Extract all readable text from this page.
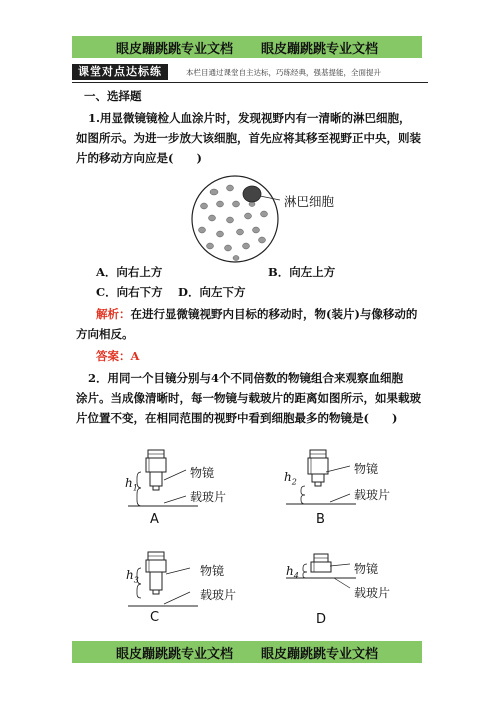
眼皮蹦跳跳专业文档 眼皮蹦跳跳专业文档
课堂对点达标练	本栏目通过课堂自主达标，巧练经典，强基提能，全面提升
一、选择题
1.用显微镜镜检人血涂片时，发现视野内有一清晰的淋巴细胞，
如图所示。为进一步放大该细胞，首先应将其移至视野正中央，则装
片的移动方向应是(　　)
淋巴细胞
A．向右上方	B．向左上方
C．向右下方 D．向左下方
解析：在进行显微镜视野内目标的移动时，物(装片)与像移动的
方向相反。
答案：A
2．用同一个目镜分别与4个不同倍数的物镜组合来观察血细胞
涂片。当成像清晰时，每一物镜与载玻片的距离如图所示，如果载玻
片位置不变，在相同范围的视野中看到细胞最多的物镜是(　　)
$h_1$
物镜
载玻片
A
$h_2$
物镜
载玻片
B
$h_3$
物镜
载玻片
C
$h_4$	物镜
载玻片
D
眼皮蹦跳跳专业文档 眼皮蹦跳跳专业文档
